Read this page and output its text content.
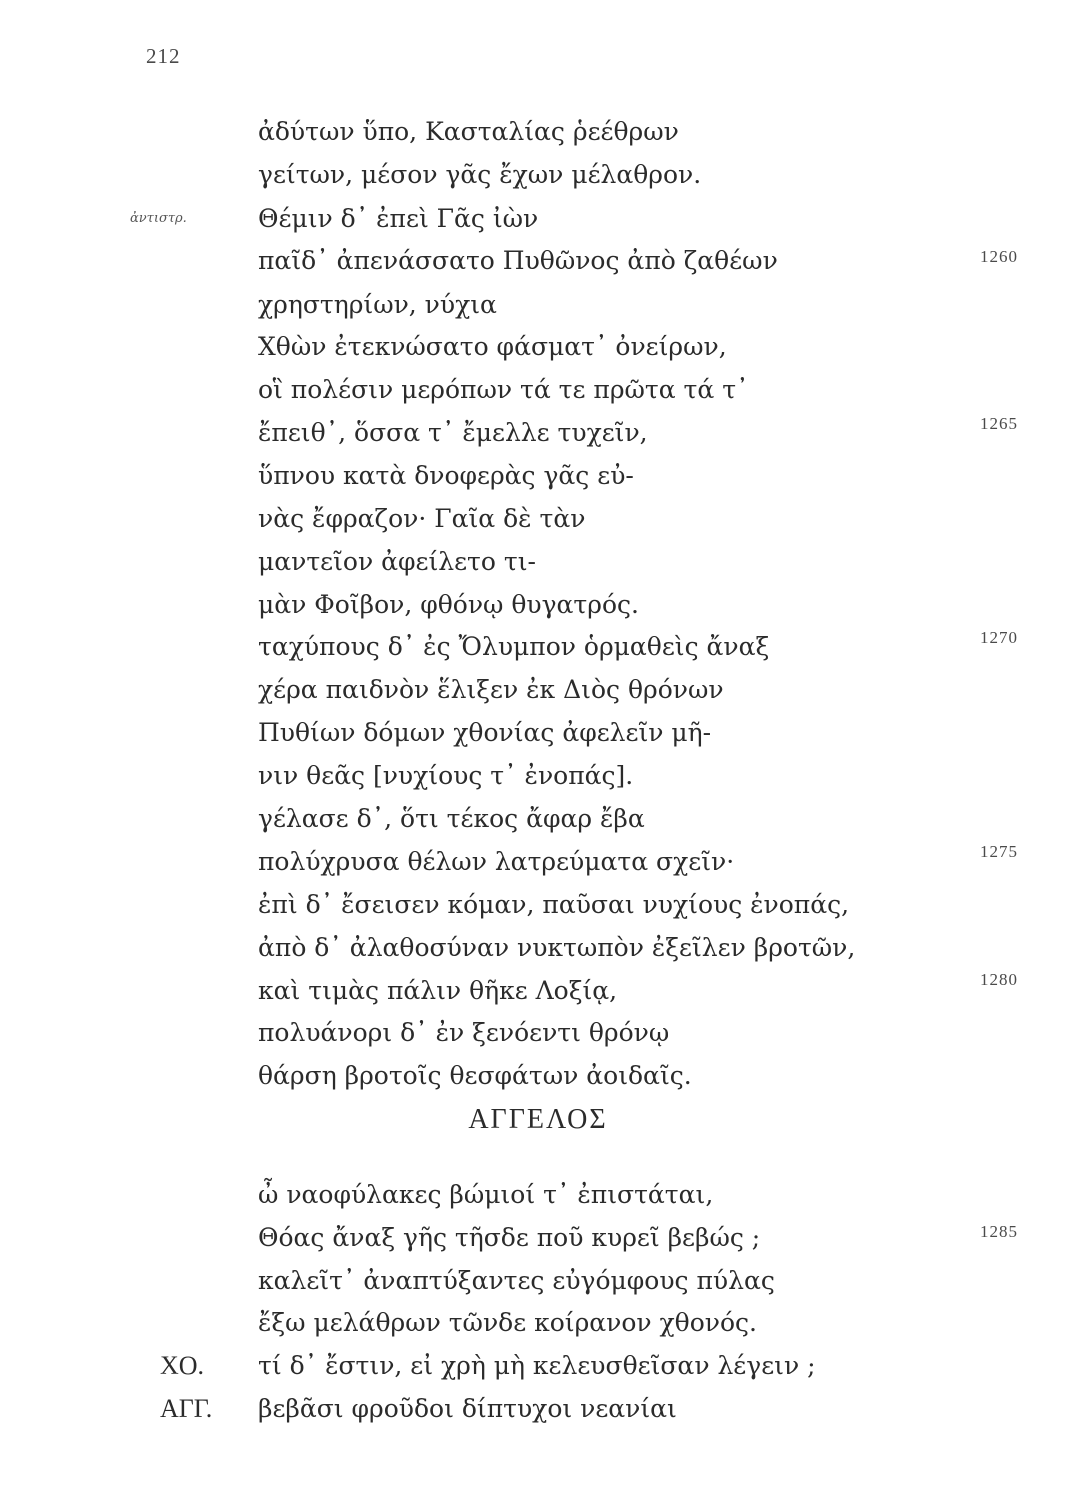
212
ἀδύτων ὕπο, Κασταλίας ῥεέθρων
γείτων, μέσον γᾶς ἔχων μέλαθρον.
ἀντιστρ.	Θέμιν δ᾽ ἐπεὶ Γᾶς ἰὼν
παῖδ᾽ ἀπενάσσατο Πυθῶνος ἀπὸ ζαθέων	1260
χρηστηρίων, νύχια
Χθὼν ἐτεκνώσατο φάσματ᾽ ὀνείρων,
οἳ πολέσιν μερόπων τά τε πρῶτα τά τ᾽
ἔπειθ᾽, ὅσσα τ᾽ ἔμελλε τυχεῖν,	1265
ὕπνου κατὰ δνοφερὰς γᾶς εὐ-
νὰς ἔφραζον· Γαῖα δὲ τὰν
μαντεῖον ἀφείλετο τι-
μὰν Φοῖβον, φθόνῳ θυγατρός.
ταχύπους δ᾽ ἐς Ὄλυμπον ὁρμαθεὶς ἄναξ	1270
χέρα παιδνὸν ἕλιξεν ἐκ Διὸς θρόνων
Πυθίων δόμων χθονίας ἀφελεῖν μῆ-
νιν θεᾶς [νυχίους τ᾽ ἐνοπάς].
γέλασε δ᾽, ὅτι τέκος ἄφαρ ἔβα
πολύχρυσα θέλων λατρεύματα σχεῖν·	1275
ἐπὶ δ᾽ ἔσεισεν κόμαν, παῦσαι νυχίους ἐνοπάς,
ἀπὸ δ᾽ ἀλαθοσύναν νυκτωπὸν ἐξεῖλεν βροτῶν,
καὶ τιμὰς πάλιν θῆκε Λοξίᾳ,	1280
πολυάνορι δ᾽ ἐν ξενόεντι θρόνῳ
θάρση βροτοῖς θεσφάτων ἀοιδαῖς.
ΑΓΓΕΛΟΣ
ὦ ναοφύλακες βώμιοί τ᾽ ἐπιστάται,
Θόας ἄναξ γῆς τῆσδε ποῦ κυρεῖ βεβώς ;	1285
καλεῖτ᾽ ἀναπτύξαντες εὐγόμφους πύλας
ἔξω μελάθρων τῶνδε κοίρανον χθονός.
ΧΟ. τί δ᾽ ἔστιν, εἰ χρὴ μὴ κελευσθεῖσαν λέγειν ;
ΑΓΓ. βεβᾶσι φροῦδοι δίπτυχοι νεανίαι
